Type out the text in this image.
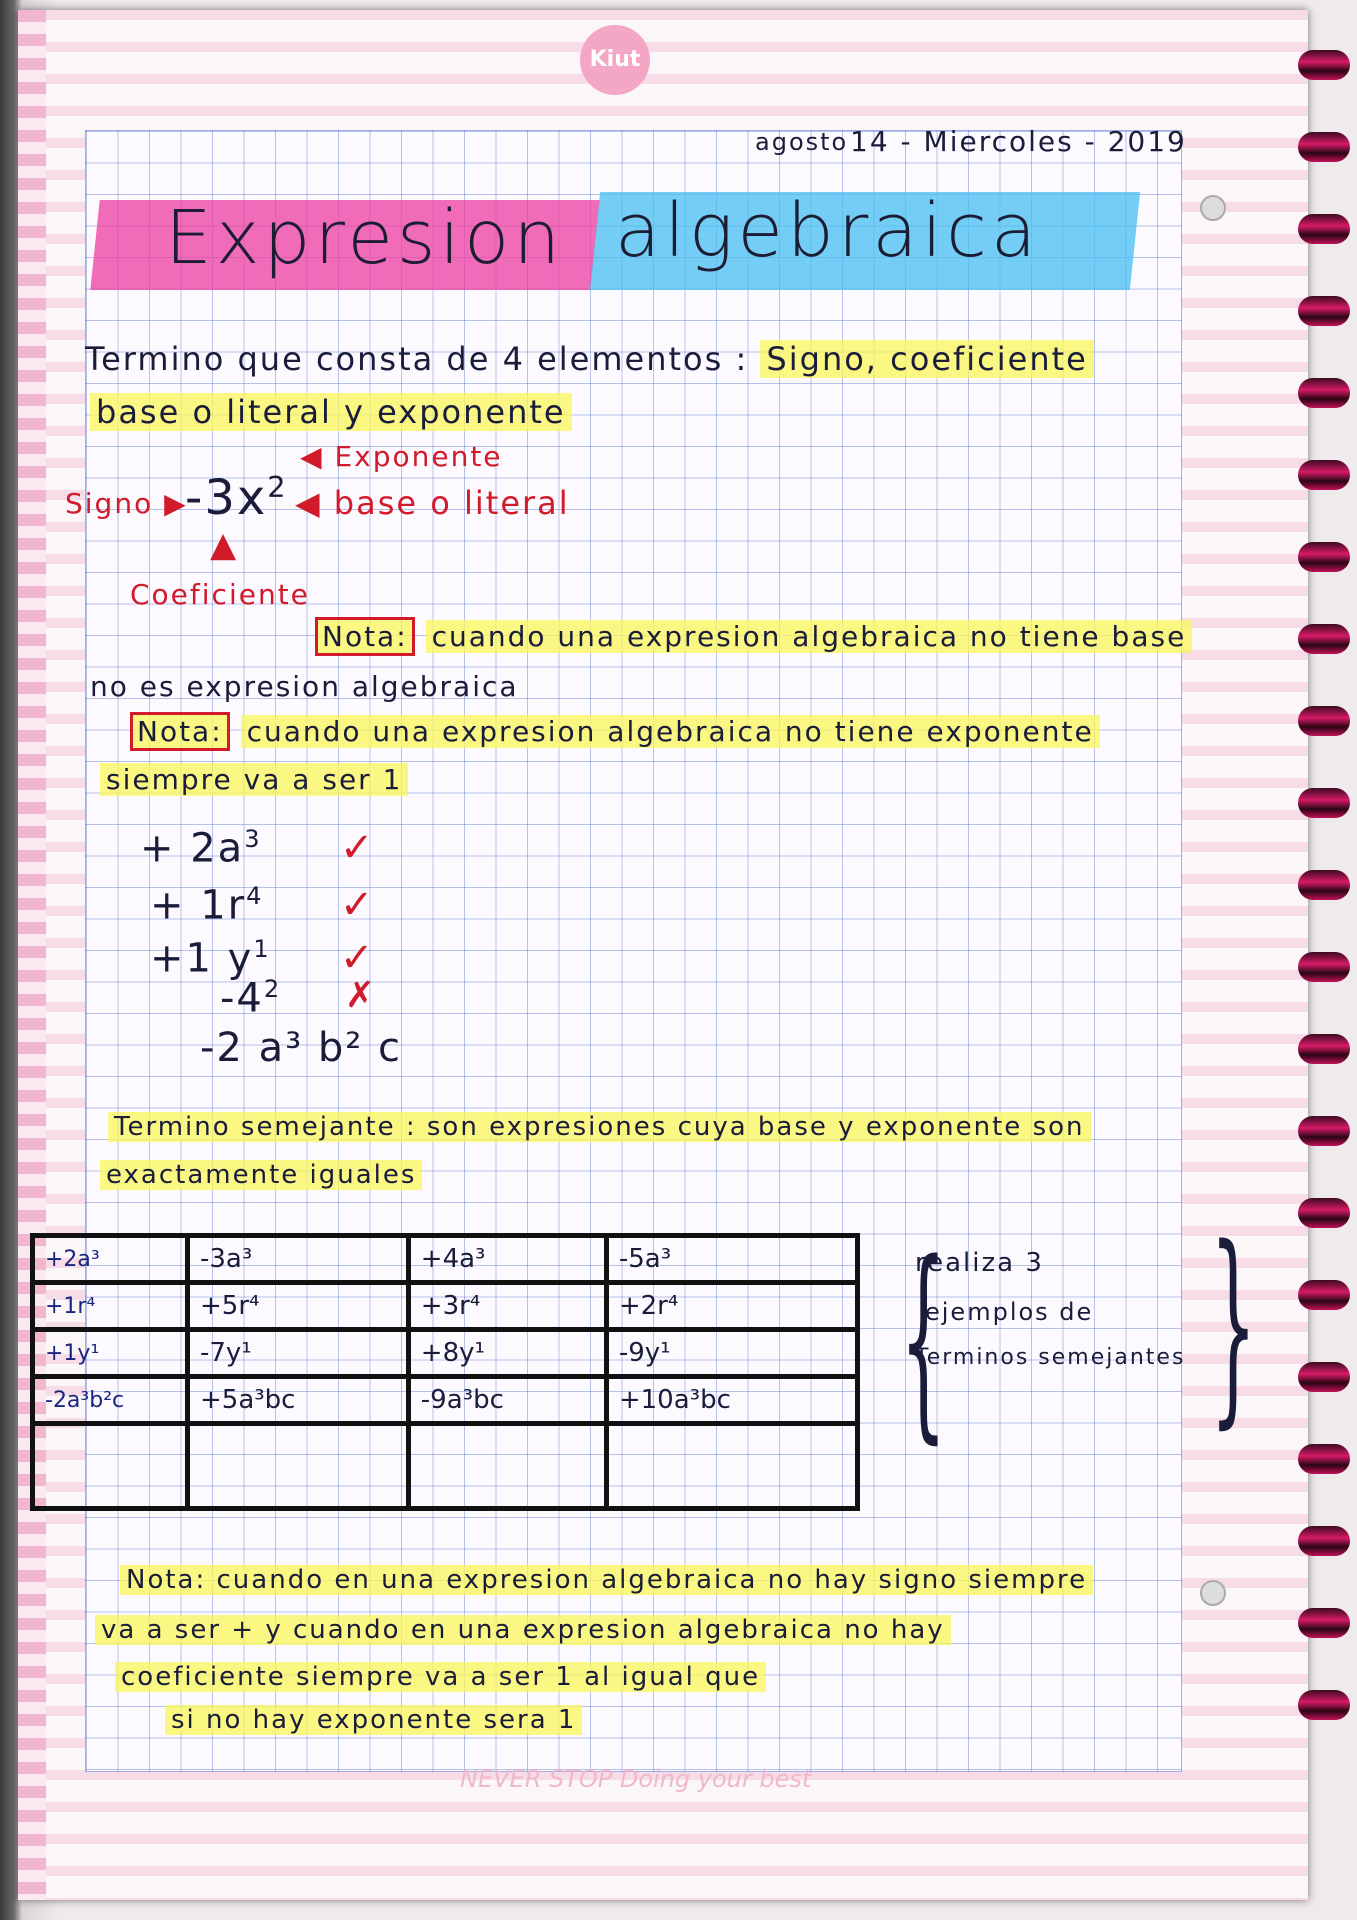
Kiut
agosto 14 - Miercoles - 2019
Expresion algebraica
Termino que consta de 4 elementos : Signo, coeficiente
base o literal y exponente
Signo ▶
$-3x^2$
◀ Exponente
◀ base o literal
▲
Coeficiente
Nota: cuando una expresion algebraica no tiene base
no es expresion algebraica
Nota: cuando una expresion algebraica no tiene exponente
siempre va a ser 1
+ $2a^3$ ✓
+ $1r^4$ ✓
+1 $y^1$ ✓
$-4^2$ ✗
-2 a³ b² c
Termino semejante : son expresiones cuya base y exponente son
exactamente iguales
+2a³	-3a³	+4a³	-5a³
+1r⁴	+5r⁴	+3r⁴	+2r⁴
+1y¹	-7y¹	+8y¹	-9y¹
-2a³b²c	+5a³bc	-9a³bc	+10a³bc
			{ }
realiza 3
ejemplos de
Terminos semejantes
Nota: cuando en una expresion algebraica no hay signo siempre
va a ser + y cuando en una expresion algebraica no hay
coeficiente siempre va a ser 1 al igual que
si no hay exponente sera 1
NEVER STOP Doing your best
